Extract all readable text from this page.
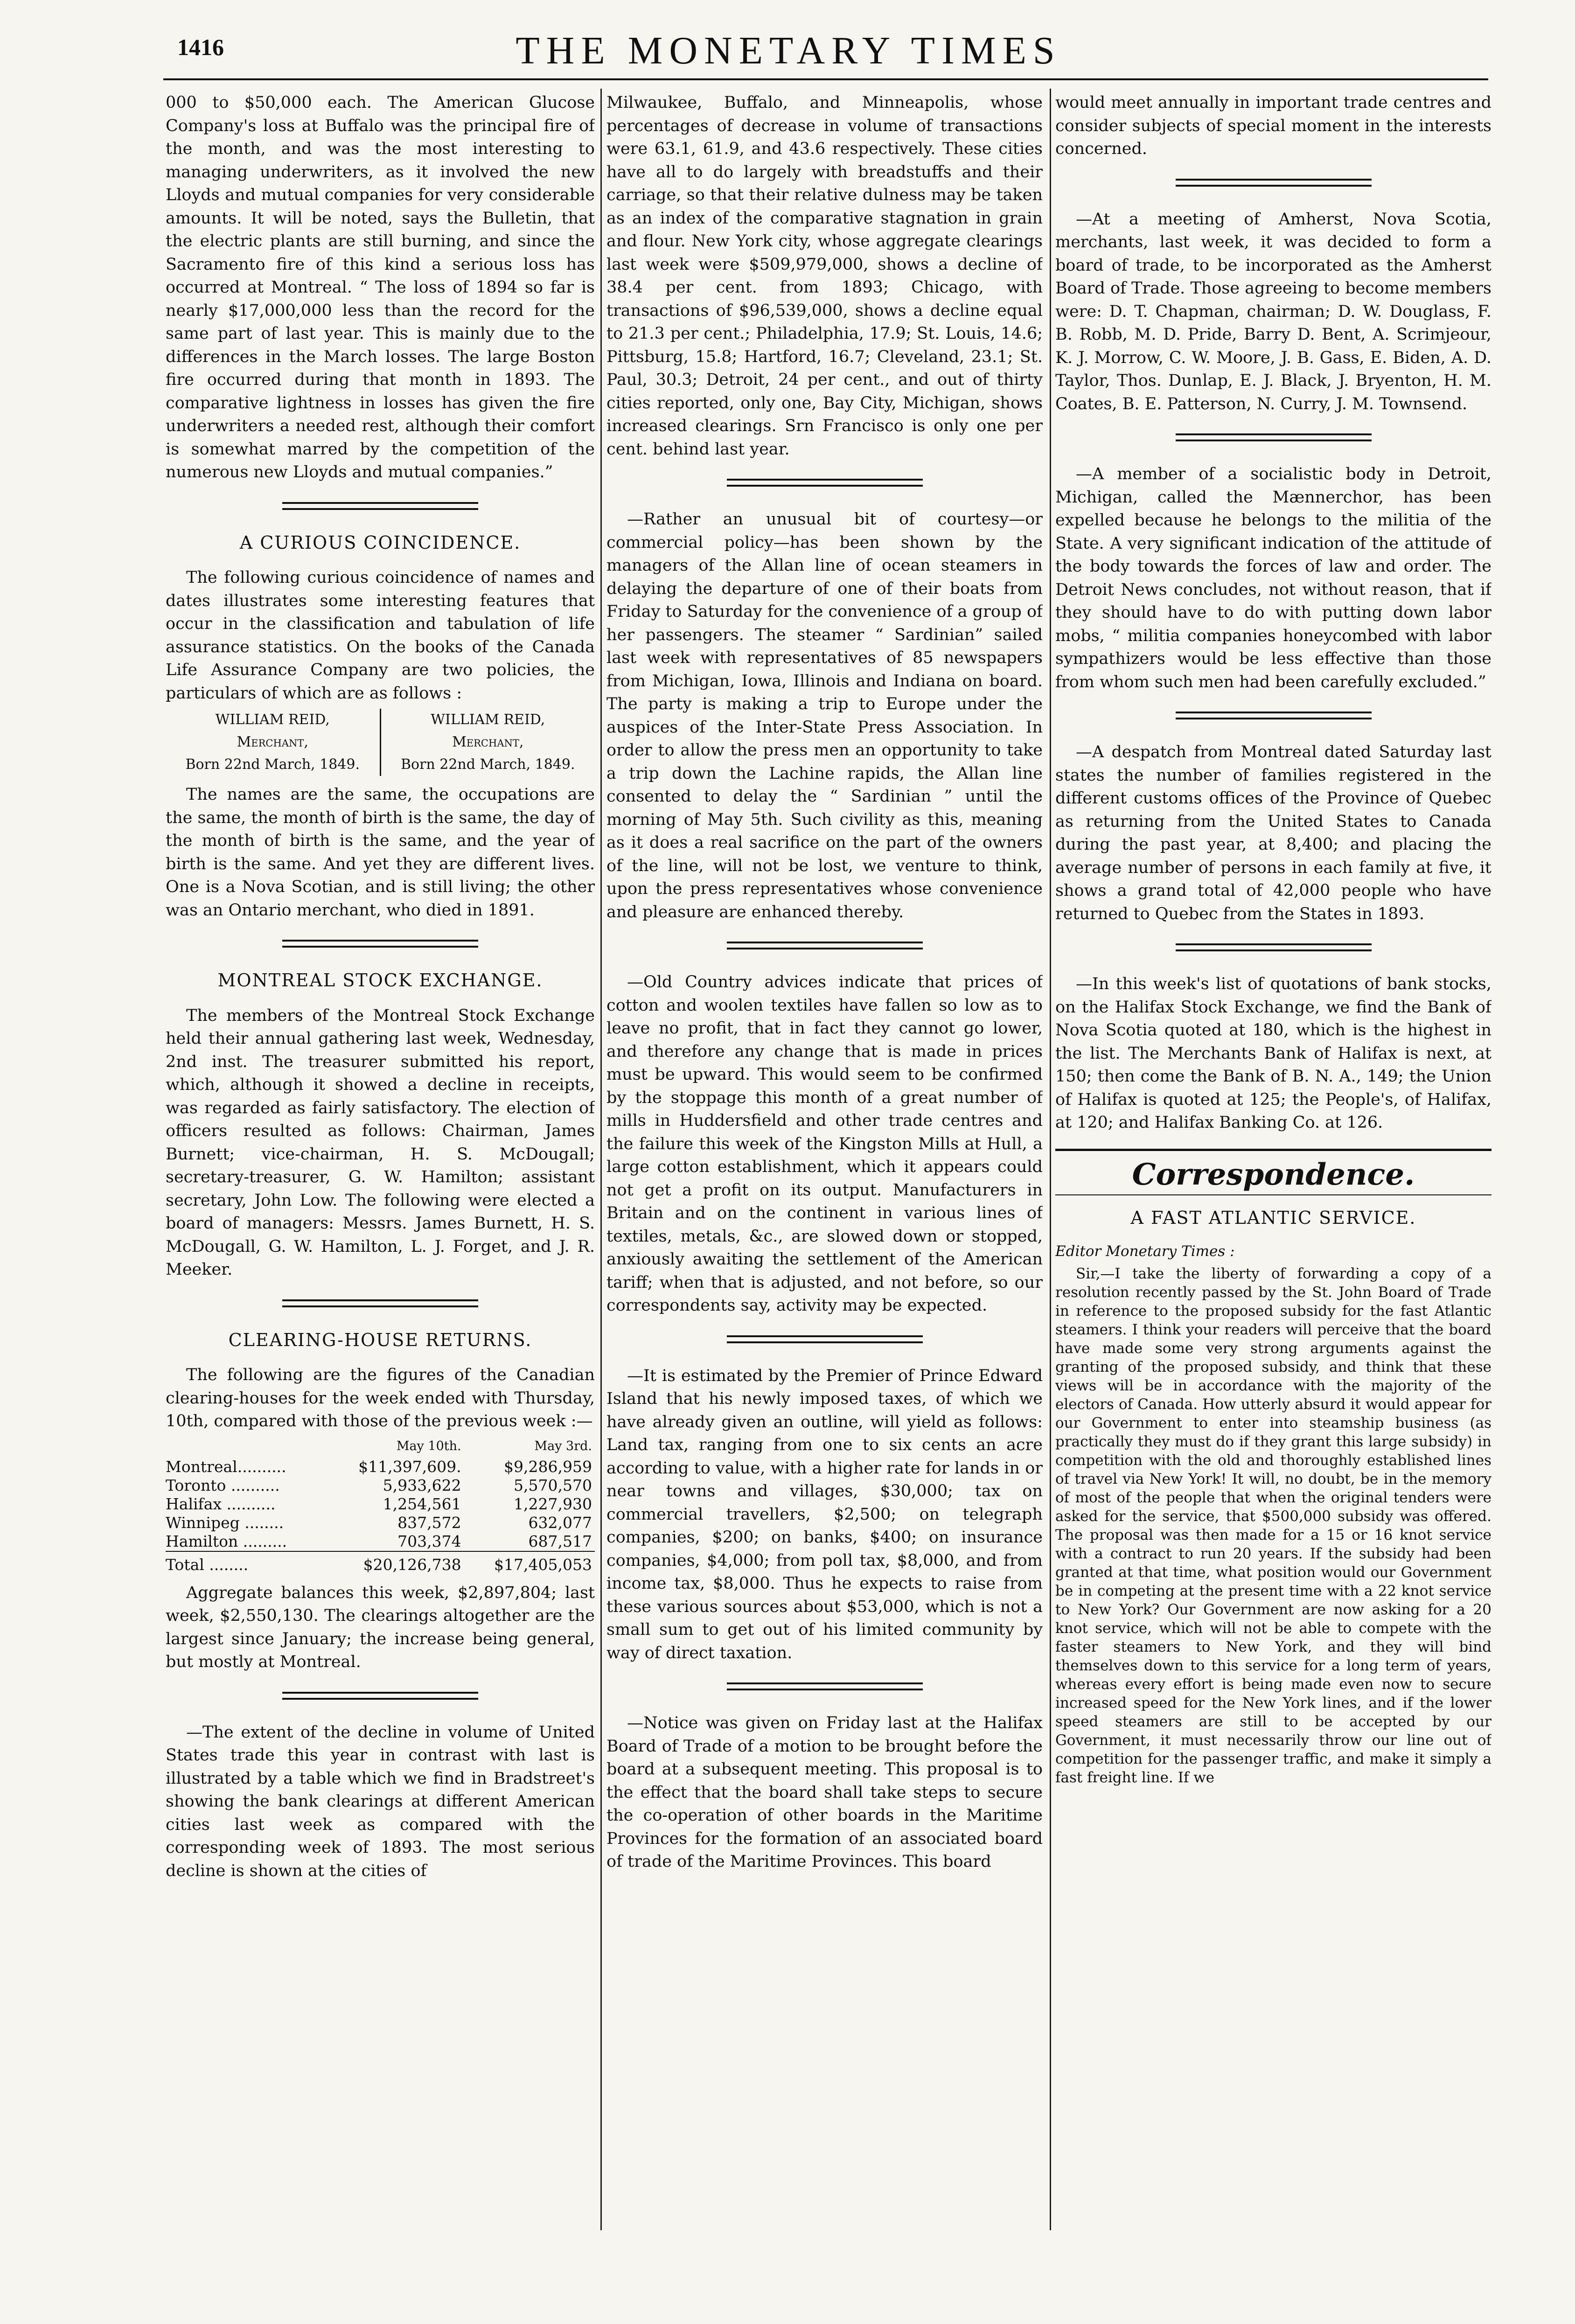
1416	THE MONETARY TIMES

000 to $50,000 each. The American Glucose Company's loss at Buffalo was the principal fire of the month, and was the most interesting to managing underwriters, as it involved the new Lloyds and mutual companies for very considerable amounts. It will be noted, says the Bulletin, that the electric plants are still burning, and since the Sacramento fire of this kind a serious loss has occurred at Montreal. “ The loss of 1894 so far is nearly $17,000,000 less than the record for the same part of last year. This is mainly due to the differences in the March losses. The large Boston fire occurred during that month in 1893. The comparative lightness in losses has given the fire underwriters a needed rest, although their comfort is somewhat marred by the competition of the numerous new Lloyds and mutual companies.”

A CURIOUS COINCIDENCE.

The following curious coincidence of names and dates illustrates some interesting features that occur in the classification and tabulation of life assurance statistics. On the books of the Canada Life Assurance Company are two policies, the particulars of which are as follows :

WILLIAM REID,
Merchant,
Born 22nd March, 1849.
WILLIAM REID,
Merchant,
Born 22nd March, 1849.

The names are the same, the occupations are the same, the month of birth is the same, the day of the month of birth is the same, and the year of birth is the same. And yet they are different lives. One is a Nova Scotian, and is still living; the other was an Ontario merchant, who died in 1891.

MONTREAL STOCK EXCHANGE.

The members of the Montreal Stock Exchange held their annual gathering last week, Wednesday, 2nd inst. The treasurer submitted his report, which, although it showed a decline in receipts, was regarded as fairly satisfactory. The election of officers resulted as follows: Chairman, James Burnett; vice-chairman, H. S. McDougall; secretary-treasurer, G. W. Hamilton; assistant secretary, John Low. The following were elected a board of managers: Messrs. James Burnett, H. S. McDougall, G. W. Hamilton, L. J. Forget, and J. R. Meeker.

CLEARING-HOUSE RETURNS.

The following are the figures of the Canadian clearing-houses for the week ended with Thursday, 10th, compared with those of the previous week :—

	May 10th.	May 3rd.
Montreal..........	$11,397,609.	$9,286,959
Toronto ..........	5,933,622	5,570,570
Halifax ..........	1,254,561	1,227,930
Winnipeg ........	837,572	632,077
Hamilton .........	703,374	687,517
Total ........	$20,126,738	$17,405,053

Aggregate balances this week, $2,897,804; last week, $2,550,130. The clearings altogether are the largest since January; the increase being general, but mostly at Montreal.

—The extent of the decline in volume of United States trade this year in contrast with last is illustrated by a table which we find in Bradstreet's showing the bank clearings at different American cities last week as compared with the corresponding week of 1893. The most serious decline is shown at the cities of

Milwaukee, Buffalo, and Minneapolis, whose percentages of decrease in volume of transactions were 63.1, 61.9, and 43.6 respectively. These cities have all to do largely with breadstuffs and their carriage, so that their relative dulness may be taken as an index of the comparative stagnation in grain and flour. New York city, whose aggregate clearings last week were $509,979,000, shows a decline of 38.4 per cent. from 1893; Chicago, with transactions of $96,539,000, shows a decline equal to 21.3 per cent.; Philadelphia, 17.9; St. Louis, 14.6; Pittsburg, 15.8; Hartford, 16.7; Cleveland, 23.1; St. Paul, 30.3; Detroit, 24 per cent., and out of thirty cities reported, only one, Bay City, Michigan, shows increased clearings. Srn Francisco is only one per cent. behind last year.

—Rather an unusual bit of courtesy—or commercial policy—has been shown by the managers of the Allan line of ocean steamers in delaying the departure of one of their boats from Friday to Saturday for the convenience of a group of her passengers. The steamer “ Sardinian” sailed last week with representatives of 85 newspapers from Michigan, Iowa, Illinois and Indiana on board. The party is making a trip to Europe under the auspices of the Inter-State Press Association. In order to allow the press men an opportunity to take a trip down the Lachine rapids, the Allan line consented to delay the “ Sardinian ” until the morning of May 5th. Such civility as this, meaning as it does a real sacrifice on the part of the owners of the line, will not be lost, we venture to think, upon the press representatives whose convenience and pleasure are enhanced thereby.

—Old Country advices indicate that prices of cotton and woolen textiles have fallen so low as to leave no profit, that in fact they cannot go lower, and therefore any change that is made in prices must be upward. This would seem to be confirmed by the stoppage this month of a great number of mills in Huddersfield and other trade centres and the failure this week of the Kingston Mills at Hull, a large cotton establishment, which it appears could not get a profit on its output. Manufacturers in Britain and on the continent in various lines of textiles, metals, &c., are slowed down or stopped, anxiously awaiting the settlement of the American tariff; when that is adjusted, and not before, so our correspondents say, activity may be expected.

—It is estimated by the Premier of Prince Edward Island that his newly imposed taxes, of which we have already given an outline, will yield as follows: Land tax, ranging from one to six cents an acre according to value, with a higher rate for lands in or near towns and villages, $30,000; tax on commercial travellers, $2,500; on telegraph companies, $200; on banks, $400; on insurance companies, $4,000; from poll tax, $8,000, and from income tax, $8,000. Thus he expects to raise from these various sources about $53,000, which is not a small sum to get out of his limited community by way of direct taxation.

—Notice was given on Friday last at the Halifax Board of Trade of a motion to be brought before the board at a subsequent meeting. This proposal is to the effect that the board shall take steps to secure the co-operation of other boards in the Maritime Provinces for the formation of an associated board of trade of the Maritime Provinces. This board

would meet annually in important trade centres and consider subjects of special moment in the interests concerned.

—At a meeting of Amherst, Nova Scotia, merchants, last week, it was decided to form a board of trade, to be incorporated as the Amherst Board of Trade. Those agreeing to become members were: D. T. Chapman, chairman; D. W. Douglass, F. B. Robb, M. D. Pride, Barry D. Bent, A. Scrimjeour, K. J. Morrow, C. W. Moore, J. B. Gass, E. Biden, A. D. Taylor, Thos. Dunlap, E. J. Black, J. Bryenton, H. M. Coates, B. E. Patterson, N. Curry, J. M. Townsend.

—A member of a socialistic body in Detroit, Michigan, called the Mænnerchor, has been expelled because he belongs to the militia of the State. A very significant indication of the attitude of the body towards the forces of law and order. The Detroit News concludes, not without reason, that if they should have to do with putting down labor mobs, “ militia companies honeycombed with labor sympathizers would be less effective than those from whom such men had been carefully excluded.”

—A despatch from Montreal dated Saturday last states the number of families registered in the different customs offices of the Province of Quebec as returning from the United States to Canada during the past year, at 8,400; and placing the average number of persons in each family at five, it shows a grand total of 42,000 people who have returned to Quebec from the States in 1893.

—In this week's list of quotations of bank stocks, on the Halifax Stock Exchange, we find the Bank of Nova Scotia quoted at 180, which is the highest in the list. The Merchants Bank of Halifax is next, at 150; then come the Bank of B. N. A., 149; the Union of Halifax is quoted at 125; the People's, of Halifax, at 120; and Halifax Banking Co. at 126.

Correspondence.
A FAST ATLANTIC SERVICE.

Editor Monetary Times :

Sir,—I take the liberty of forwarding a copy of a resolution recently passed by the St. John Board of Trade in reference to the proposed subsidy for the fast Atlantic steamers. I think your readers will perceive that the board have made some very strong arguments against the granting of the proposed subsidy, and think that these views will be in accordance with the majority of the electors of Canada. How utterly absurd it would appear for our Government to enter into steamship business (as practically they must do if they grant this large subsidy) in competition with the old and thoroughly established lines of travel via New York! It will, no doubt, be in the memory of most of the people that when the original tenders were asked for the service, that $500,000 subsidy was offered. The proposal was then made for a 15 or 16 knot service with a contract to run 20 years. If the subsidy had been granted at that time, what position would our Government be in competing at the present time with a 22 knot service to New York? Our Government are now asking for a 20 knot service, which will not be able to compete with the faster steamers to New York, and they will bind themselves down to this service for a long term of years, whereas every effort is being made even now to secure increased speed for the New York lines, and if the lower speed steamers are still to be accepted by our Government, it must necessarily throw our line out of competition for the passenger traffic, and make it simply a fast freight line. If we
